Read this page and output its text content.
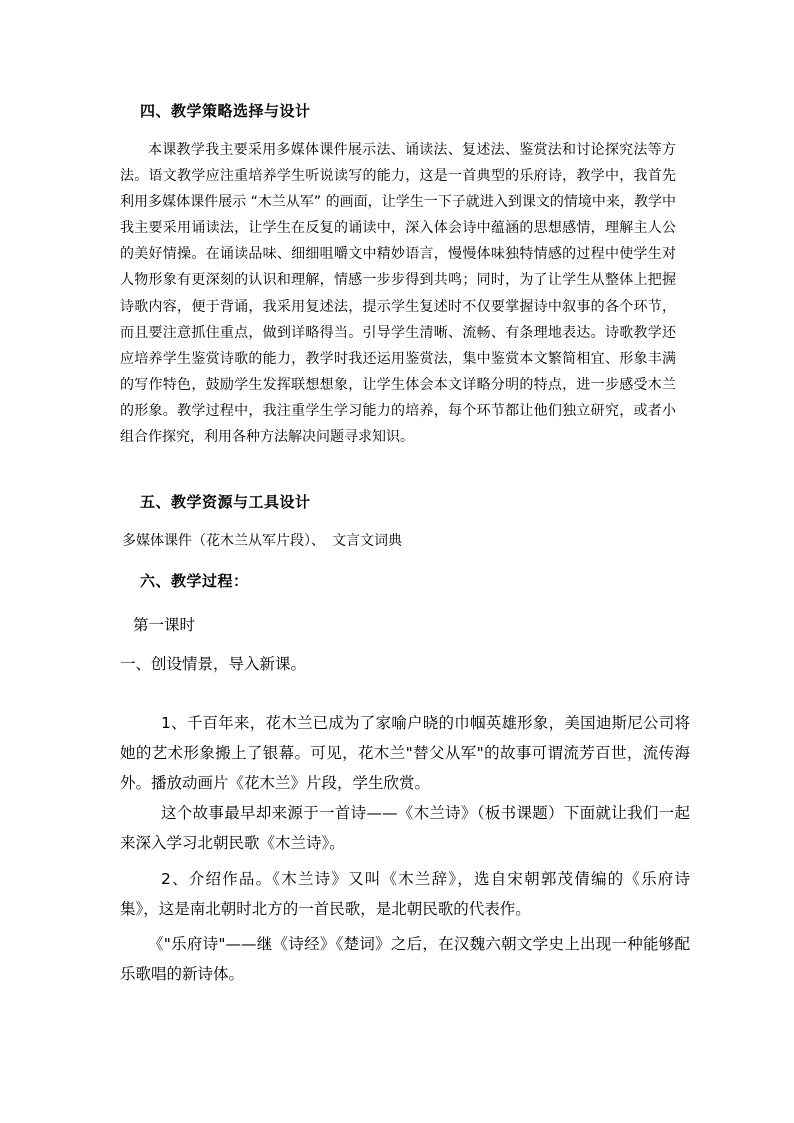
四、教学策略选择与设计

本课教学我主要采用多媒体课件展示法、诵读法、复述法、鉴赏法和讨论探究法等方法。语文教学应注重培养学生听说读写的能力，这是一首典型的乐府诗，教学中，我首先利用多媒体课件展示 “木兰从军” 的画面，让学生一下子就进入到课文的情境中来，教学中我主要采用诵读法，让学生在反复的诵读中，深入体会诗中蕴涵的思想感情，理解主人公的美好情操。在诵读品味、细细咀嚼文中精妙语言，慢慢体味独特情感的过程中使学生对人物形象有更深刻的认识和理解，情感一步步得到共鸣；同时，为了让学生从整体上把握诗歌内容，便于背诵，我采用复述法，提示学生复述时不仅要掌握诗中叙事的各个环节，而且要注意抓住重点，做到详略得当。引导学生清晰、流畅、有条理地表达。诗歌教学还应培养学生鉴赏诗歌的能力，教学时我还运用鉴赏法，集中鉴赏本文繁简相宜、形象丰满的写作特色，鼓励学生发挥联想想象，让学生体会本文详略分明的特点，进一步感受木兰的形象。教学过程中，我注重学生学习能力的培养，每个环节都让他们独立研究，或者小组合作探究，利用各种方法解决问题寻求知识。

五、教学资源与工具设计
多媒体课件（花木兰从军片段）、　文言文词典
六、教学过程：
第一课时
一、创设情景，导入新课。

1、千百年来，花木兰已成为了家喻户晓的巾帼英雄形象，美国迪斯尼公司将她的艺术形象搬上了银幕。可见，花木兰"替父从军"的故事可谓流芳百世，流传海外。播放动画片《花木兰》片段，学生欣赏。

这个故事最早却来源于一首诗——《木兰诗》（板书课题）下面就让我们一起来深入学习北朝民歌《木兰诗》。

2、介绍作品。《木兰诗》又叫《木兰辞》，选自宋朝郭茂倩编的《乐府诗集》，这是南北朝时北方的一首民歌，是北朝民歌的代表作。

《"乐府诗"——继《诗经》《楚词》之后，在汉魏六朝文学史上出现一种能够配乐歌唱的新诗体。
